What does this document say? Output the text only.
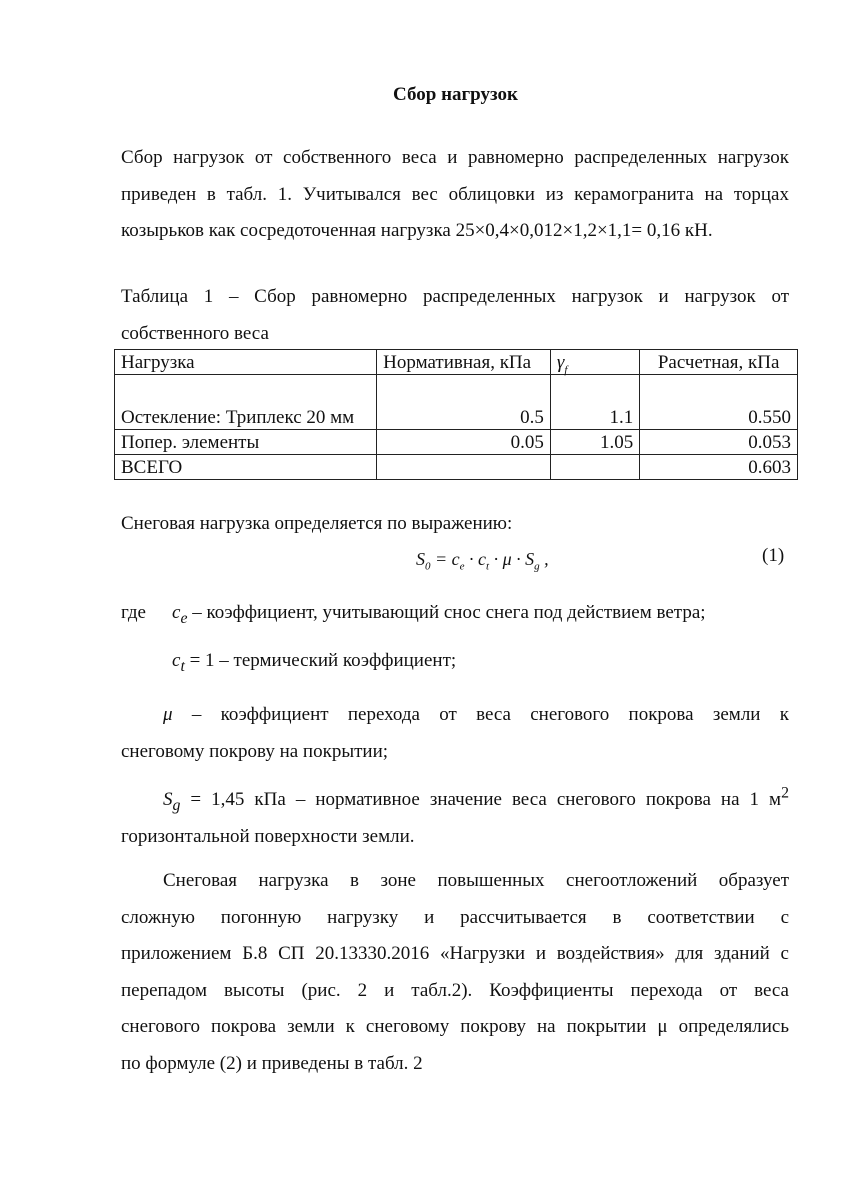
Сбор нагрузок
Сбор нагрузок от собственного веса и равномерно распределенных нагрузок
приведен в табл. 1. Учитывался вес облицовки из керамогранита на торцах
козырьков как сосредоточенная нагрузка 25×0,4×0,012×1,2×1,1= 0,16 кН.
Таблица 1 – Сбор равномерно распределенных нагрузок и нагрузок от
собственного веса
Нагрузка	Нормативная, кПа	$\gamma_f$	Расчетная, кПа
Остекление: Триплекс 20 мм	0.5	1.1	0.550
Попер. элементы	0.05	1.05	0.053
ВСЕГО			0.603
Снеговая нагрузка определяется по выражению:
$S_0 = c_e \cdot c_t \cdot \mu \cdot S_g$ ,	(1)
где $c_e$ – коэффициент, учитывающий снос снега под действием ветра;
$c_t = 1$ – термический коэффициент;
μ – коэффициент перехода от веса снегового покрова земли к
снеговому покрову на покрытии;
$S_g = 1,45$ кПа – нормативное значение веса снегового покрова на 1 $м^2$
горизонтальной поверхности земли.
Снеговая нагрузка в зоне повышенных снегоотложений образует
сложную погонную нагрузку и рассчитывается в соответствии с
приложением Б.8 СП 20.13330.2016 «Нагрузки и воздействия» для зданий с
перепадом высоты (рис. 2 и табл.2). Коэффициенты перехода от веса
снегового покрова земли к снеговому покрову на покрытии μ определялись
по формуле (2) и приведены в табл. 2
